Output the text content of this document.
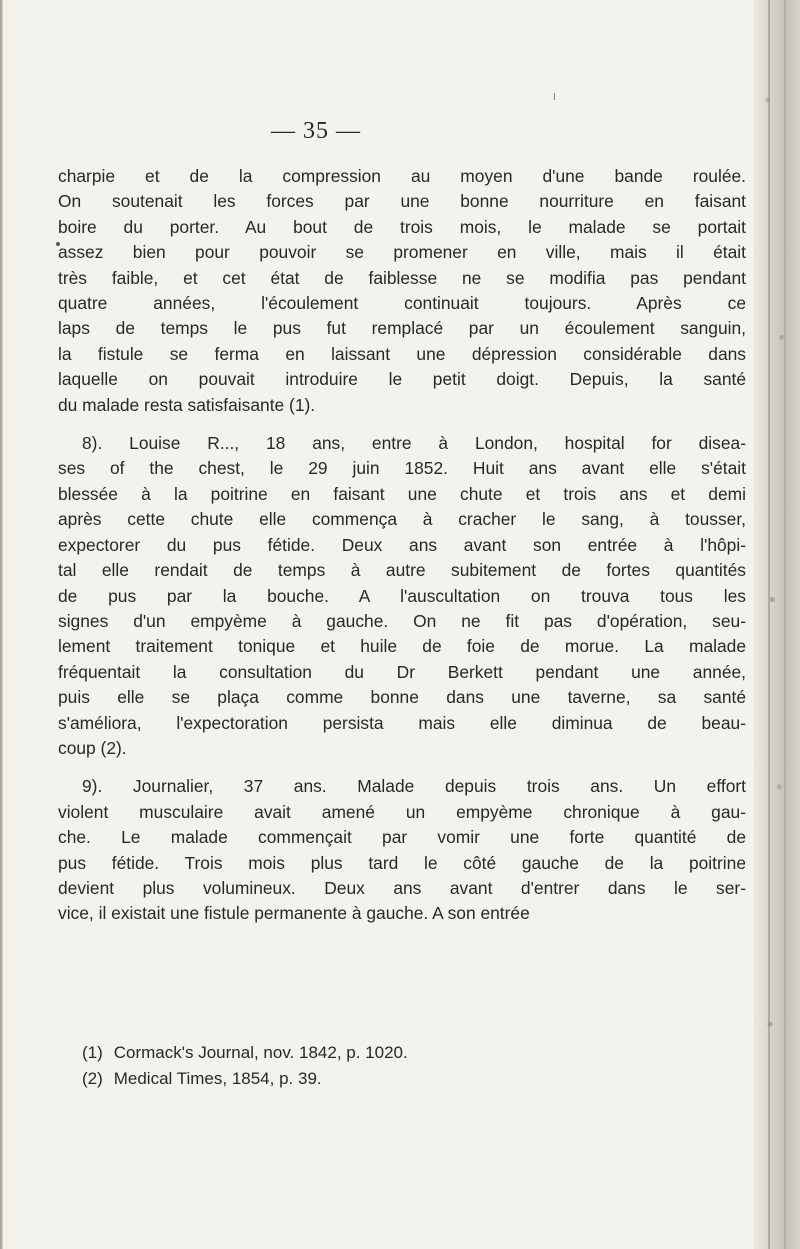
I
— 35 —

charpie et de la compression au moyen d'une bande roulée.

On soutenait les forces par une bonne nourriture en faisant

boire du porter. Au bout de trois mois, le malade se portait

assez bien pour pouvoir se promener en ville, mais il était

très faible, et cet état de faiblesse ne se modifia pas pendant

quatre années, l'écoulement continuait toujours. Après ce

laps de temps le pus fut remplacé par un écoulement sanguin,

la fistule se ferma en laissant une dépression considérable dans

laquelle on pouvait introduire le petit doigt. Depuis, la santé

du malade resta satisfaisante (1).

8). Louise R..., 18 ans, entre à London, hospital for disea-

ses of the chest, le 29 juin 1852. Huit ans avant elle s'était

blessée à la poitrine en faisant une chute et trois ans et demi

après cette chute elle commença à cracher le sang, à tousser,

expectorer du pus fétide. Deux ans avant son entrée à l'hôpi-

tal elle rendait de temps à autre subitement de fortes quantités

de pus par la bouche. A l'auscultation on trouva tous les

signes d'un empyème à gauche. On ne fit pas d'opération, seu-

lement traitement tonique et huile de foie de morue. La malade

fréquentait la consultation du Dr Berkett pendant une année,

puis elle se plaça comme bonne dans une taverne, sa santé

s'améliora, l'expectoration persista mais elle diminua de beau-

coup (2).

9). Journalier, 37 ans. Malade depuis trois ans. Un effort

violent musculaire avait amené un empyème chronique à gau-

che. Le malade commençait par vomir une forte quantité de

pus fétide. Trois mois plus tard le côté gauche de la poitrine

devient plus volumineux. Deux ans avant d'entrer dans le ser-

vice, il existait une fistule permanente à gauche. A son entrée

(1) Cormack's Journal, nov. 1842, p. 1020.

(2) Medical Times, 1854, p. 39.
